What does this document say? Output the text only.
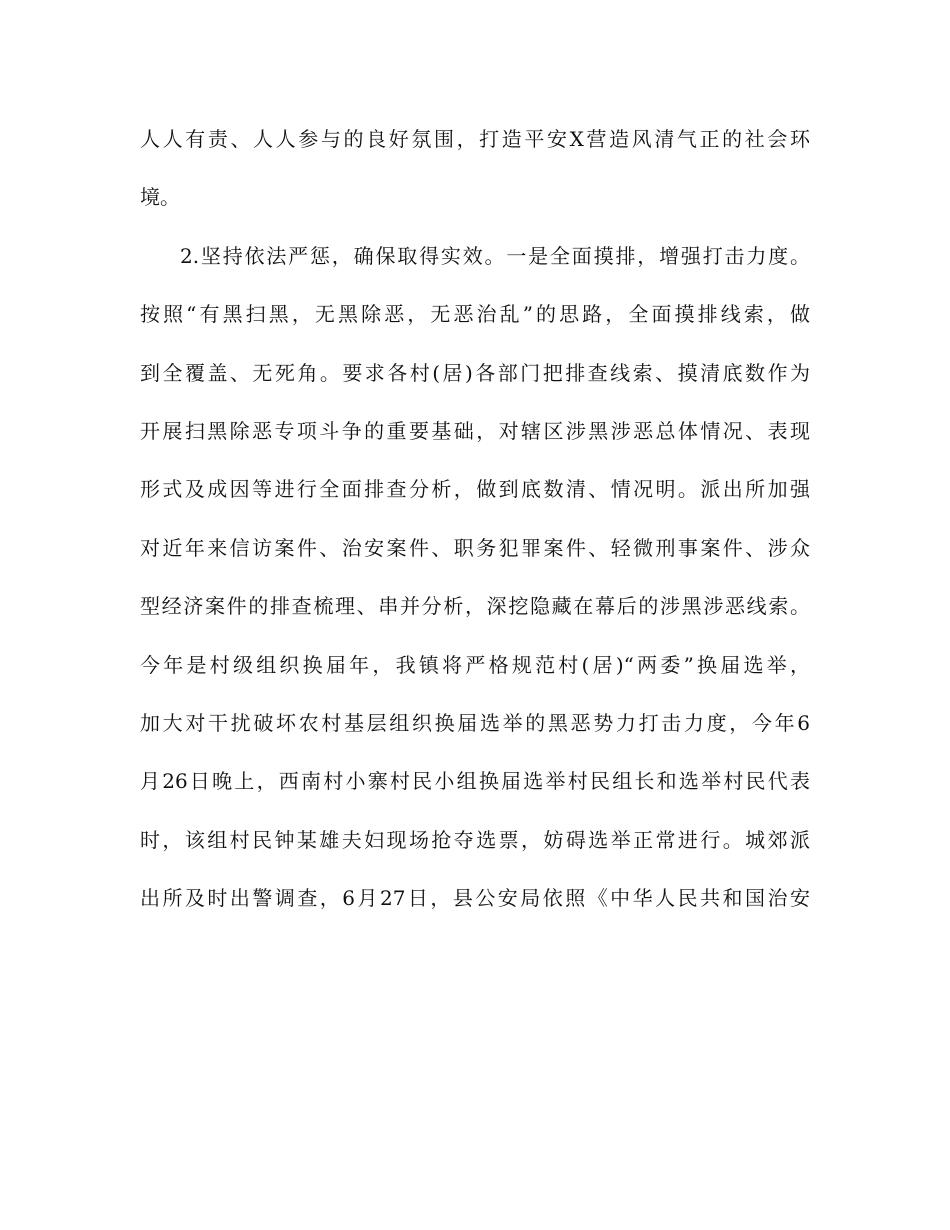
人人有责、人人参与的良好氛围，打造平安X营造风清气正的社会环
境。
2.坚持依法严惩，确保取得实效。一是全面摸排，增强打击力度。
按照“有黑扫黑，无黑除恶，无恶治乱”的思路，全面摸排线索，做
到全覆盖、无死角。要求各村(居)各部门把排查线索、摸清底数作为
开展扫黑除恶专项斗争的重要基础，对辖区涉黑涉恶总体情况、表现
形式及成因等进行全面排查分析，做到底数清、情况明。派出所加强
对近年来信访案件、治安案件、职务犯罪案件、轻微刑事案件、涉众
型经济案件的排查梳理、串并分析，深挖隐藏在幕后的涉黑涉恶线索。
今年是村级组织换届年，我镇将严格规范村(居)“两委”换届选举，
加大对干扰破坏农村基层组织换届选举的黑恶势力打击力度，今年6
月26日晚上，西南村小寨村民小组换届选举村民组长和选举村民代表
时，该组村民钟某雄夫妇现场抢夺选票，妨碍选举正常进行。城郊派
出所及时出警调查，6月27日，县公安局依照《中华人民共和国治安
